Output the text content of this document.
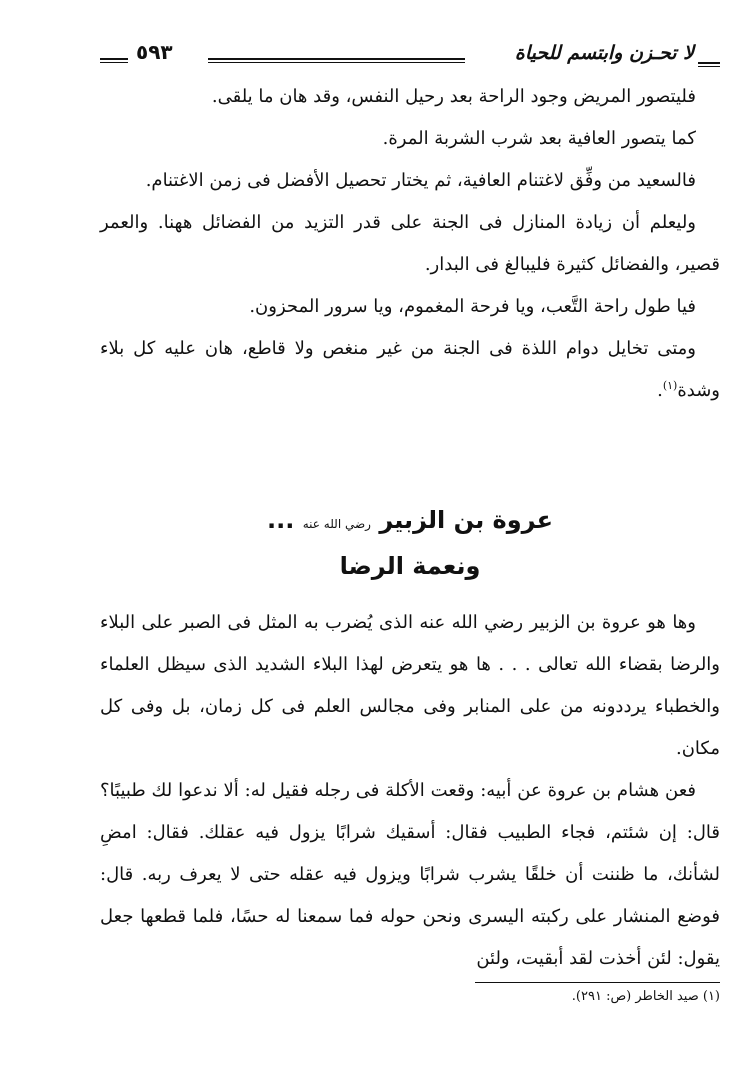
لا تحـزن وابتسم للحياة
٥٩٣

فليتصور المريض وجود الراحة بعد رحيل النفس، وقد هان ما يلقى.

كما يتصور العافية بعد شرب الشربة المرة.

فالسعيد من وفِّق لاغتنام العافية، ثم يختار تحصيل الأفضل فى زمن الاغتنام.

وليعلم أن زيادة المنازل فى الجنة على قدر التزيد من الفضائل ههنا. والعمر قصير، والفضائل كثيرة فليبالغ فى البدار.

فيا طول راحة التَّعب، ويا فرحة المغموم، ويا سرور المحزون.

ومتى تخايل دوام اللذة فى الجنة من غير منغص ولا قاطع، هان عليه كل بلاء وشدة$^{(١)}$.

عروة بن الزبير رضي الله عنه ...
ونعمة الرضا

وها هو عروة بن الزبير رضي الله عنه الذى يُضرب به المثل فى الصبر على البلاء والرضا بقضاء الله تعالى . . . ها هو يتعرض لهذا البلاء الشديد الذى سيظل العلماء والخطباء يرددونه من على المنابر وفى مجالس العلم فى كل زمان، بل وفى كل مكان.

فعن هشام بن عروة عن أبيه: وقعت الأكلة فى رجله فقيل له: ألا ندعوا لك طبيبًا؟ قال: إن شئتم، فجاء الطبيب فقال: أسقيك شرابًا يزول فيه عقلك. فقال: امضِ لشأنك، ما ظننت أن خلقًا يشرب شرابًا ويزول فيه عقله حتى لا يعرف ربه. قال: فوضع المنشار على ركبته اليسرى ونحن حوله فما سمعنا له حسًا، فلما قطعها جعل يقول: لئن أخذت لقد أبقيت، ولئن

(١) صيد الخاطر (ص: ٢٩١).
